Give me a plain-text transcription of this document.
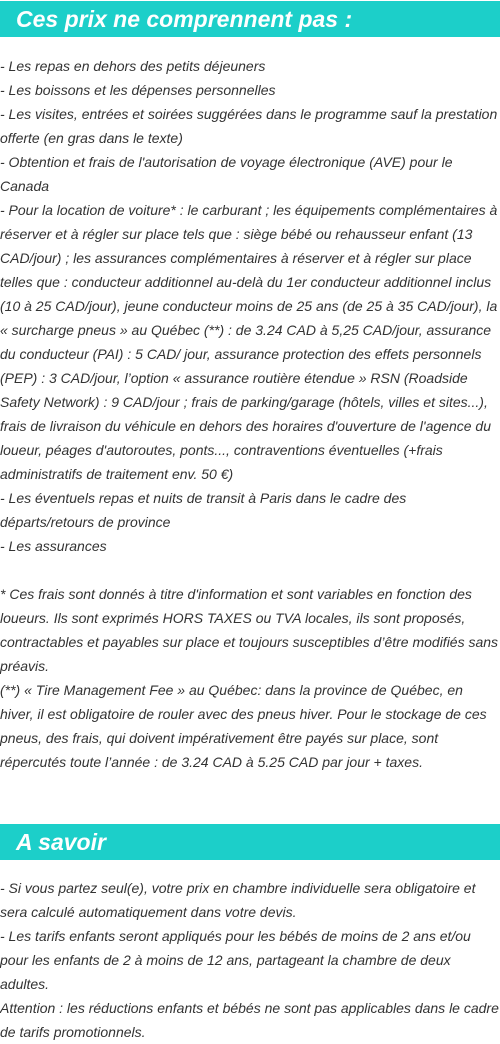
Ces prix ne comprennent pas :

- Les repas en dehors des petits déjeuners

- Les boissons et les dépenses personnelles

- Les visites, entrées et soirées suggérées dans le programme sauf la prestation offerte (en gras dans le texte)

- Obtention et frais de l'autorisation de voyage électronique (AVE) pour le Canada

- Pour la location de voiture* : le carburant ; les équipements complémentaires à réserver et à régler sur place tels que : siège bébé ou rehausseur enfant (13 CAD/jour) ; les assurances complémentaires à réserver et à régler sur place telles que : conducteur additionnel au-delà du 1er conducteur additionnel inclus (10 à 25 CAD/jour), jeune conducteur moins de 25 ans (de 25 à 35 CAD/jour), la « surcharge pneus » au Québec (**) : de 3.24 CAD à 5,25 CAD/jour, assurance du conducteur (PAI) : 5 CAD/ jour, assurance protection des effets personnels (PEP) : 3 CAD/jour, l’option « assurance routière étendue » RSN (Roadside Safety Network) : 9 CAD/jour ; frais de parking/garage (hôtels, villes et sites...), frais de livraison du véhicule en dehors des horaires d'ouverture de l'agence du loueur, péages d'autoroutes, ponts..., contraventions éventuelles (+frais administratifs de traitement env. 50 €)

- Les éventuels repas et nuits de transit à Paris dans le cadre des départs/retours de province

- Les assurances

* Ces frais sont donnés à titre d'information et sont variables en fonction des loueurs. Ils sont exprimés HORS TAXES ou TVA locales, ils sont proposés, contractables et payables sur place et toujours susceptibles d’être modifiés sans préavis.

(**) « Tire Management Fee » au Québec: dans la province de Québec, en hiver, il est obligatoire de rouler avec des pneus hiver. Pour le stockage de ces pneus, des frais, qui doivent impérativement être payés sur place, sont répercutés toute l’année : de 3.24 CAD à 5.25 CAD par jour + taxes.

A savoir

- Si vous partez seul(e), votre prix en chambre individuelle sera obligatoire et sera calculé automatiquement dans votre devis.

- Les tarifs enfants seront appliqués pour les bébés de moins de 2 ans et/ou pour les enfants de 2 à moins de 12 ans, partageant la chambre de deux adultes.

Attention : les réductions enfants et bébés ne sont pas applicables dans le cadre de tarifs promotionnels.
